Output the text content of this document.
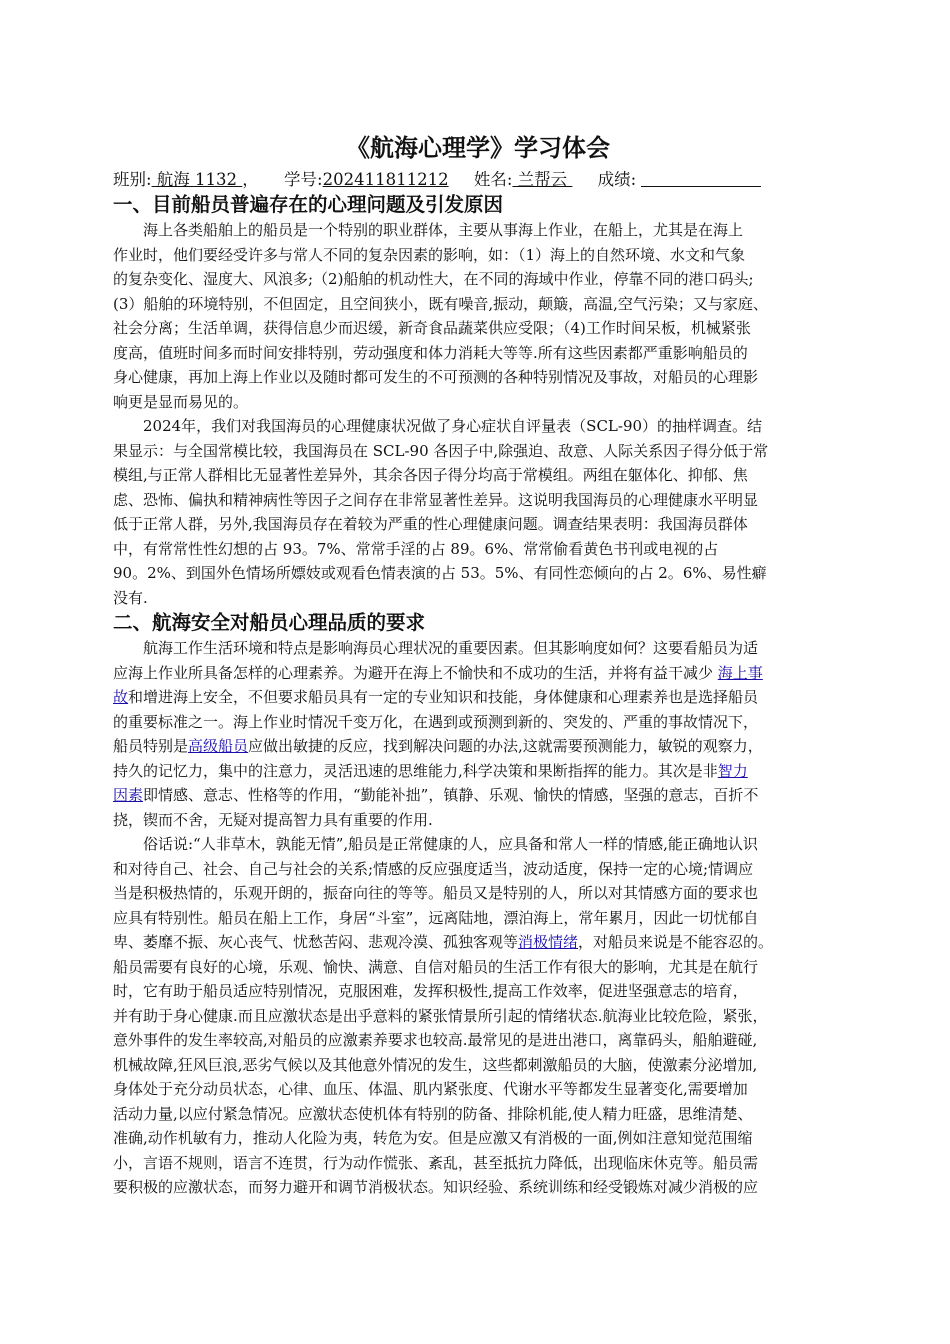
《航海心理学》学习体会

班别: 航海 1132 ， 学号:202411811212 姓名: 兰帮云  成绩:

一、目前船员普遍存在的心理问题及引发原因
海上各类船舶上的船员是一个特别的职业群体，主要从事海上作业，在船上，尤其是在海上
作业时，他们要经受许多与常人不同的复杂因素的影响，如：（1）海上的自然环境、水文和气象
的复杂变化、湿度大、风浪多;（2)船舶的机动性大，在不同的海域中作业，停靠不同的港口码头;
(3）船舶的环境特别，不但固定，且空间狭小，既有噪音,振动，颠簸，高温,空气污染；又与家庭、
社会分离；生活单调，获得信息少而迟缓，新奇食品蔬菜供应受限；（4)工作时间呆板，机械紧张
度高，值班时间多而时间安排特别，劳动强度和体力消耗大等等.所有这些因素都严重影响船员的
身心健康，再加上海上作业以及随时都可发生的不可预测的各种特别情况及事故，对船员的心理影
响更是显而易见的。
2024年，我们对我国海员的心理健康状况做了身心症状自评量表（SCL-90）的抽样调查。结
果显示：与全国常模比较，我国海员在 SCL-90 各因子中,除强迫、敌意、人际关系因子得分低于常
模组,与正常人群相比无显著性差异外，其余各因子得分均高于常模组。两组在躯体化、抑郁、焦
虑、恐怖、偏执和精神病性等因子之间存在非常显著性差异。这说明我国海员的心理健康水平明显
低于正常人群，另外,我国海员存在着较为严重的性心理健康问题。调查结果表明：我国海员群体
中，有常常性性幻想的占 93。7%、常常手淫的占 89。6%、常常偷看黄色书刊或电视的占
90。2%、到国外色情场所嫖妓或观看色情表演的占 53。5%、有同性恋倾向的占 2。6%、易性癖
没有.
二、航海安全对船员心理品质的要求
航海工作生活环境和特点是影响海员心理状况的重要因素。但其影响度如何？这要看船员为适
应海上作业所具备怎样的心理素养。为避开在海上不愉快和不成功的生活，并将有益干减少 海上事
故和增进海上安全，不但要求船员具有一定的专业知识和技能，身体健康和心理素养也是选择船员
的重要标准之一。海上作业时情况千变万化，在遇到或预测到新的、突发的、严重的事故情况下，
船员特别是高级船员应做出敏捷的反应，找到解决问题的办法,这就需要预测能力，敏锐的观察力，
持久的记忆力，集中的注意力，灵活迅速的思维能力,科学决策和果断指挥的能力。其次是非智力
因素即情感、意志、性格等的作用，“勤能补拙”，镇静、乐观、愉快的情感，坚强的意志，百折不
挠，锲而不舍，无疑对提高智力具有重要的作用.
俗话说:“人非草木，孰能无情”,船员是正常健康的人，应具备和常人一样的情感,能正确地认识
和对待自己、社会、自己与社会的关系;情感的反应强度适当，波动适度，保持一定的心境;情调应
当是积极热情的，乐观开朗的，振奋向往的等等。船员又是特别的人，所以对其情感方面的要求也
应具有特别性。船员在船上工作，身居“斗室”，远离陆地，漂泊海上，常年累月，因此一切忧郁自
卑、萎靡不振、灰心丧气、忧愁苦闷、悲观冷漠、孤独客观等消极情绪，对船员来说是不能容忍的。
船员需要有良好的心境，乐观、愉快、满意、自信对船员的生活工作有很大的影响，尤其是在航行
时，它有助于船员适应特别情况，克服困难，发挥积极性,提高工作效率，促进坚强意志的培育，
并有助于身心健康.而且应激状态是出乎意料的紧张情景所引起的情绪状态.航海业比较危险，紧张，
意外事件的发生率较高,对船员的应激素养要求也较高.最常见的是进出港口，离靠码头，船舶避碰,
机械故障,狂风巨浪,恶劣气候以及其他意外情况的发生，这些都刺激船员的大脑，使激素分泌增加,
身体处于充分动员状态，心律、血压、体温、肌内紧张度、代谢水平等都发生显著变化,需要增加
活动力量,以应付紧急情况。应激状态使机体有特别的防备、排除机能,使人精力旺盛，思维清楚、
准确,动作机敏有力，推动人化险为夷，转危为安。但是应激又有消极的一面,例如注意知觉范围缩
小，言语不规则，语言不连贯，行为动作慌张、紊乱，甚至抵抗力降低，出现临床休克等。船员需
要积极的应激状态，而努力避开和调节消极状态。知识经验、系统训练和经受锻炼对减少消极的应
